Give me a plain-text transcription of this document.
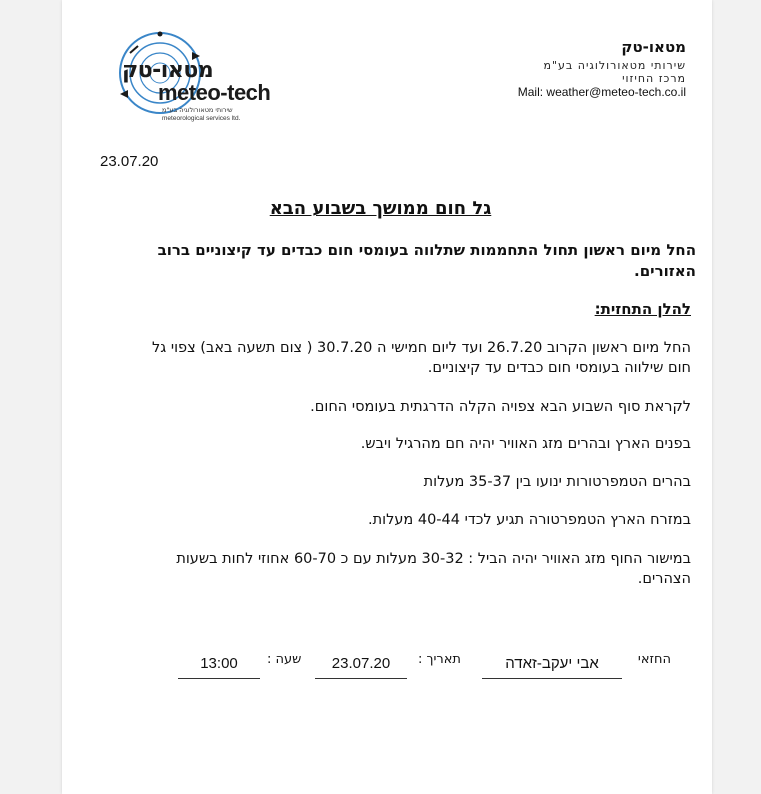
מטאו-טק
meteo-tech
שירותי מטאורולוגיה בע"מ
meteorological services ltd.
מטאו-טק
שירותי מטאורולוגיה בע"מ
מרכז החיזוי
Mail: weather@meteo-tech.co.il
23.07.20
גל חום ממושך בשבוע הבא
החל מיום ראשון תחול התחממות שתלווה בעומסי חום כבדים עד קיצוניים ברוב האזורים.
להלן התחזית:
החל מיום ראשון הקרוב 26.7.20 ועד ליום חמישי ה 30.7.20 ( צום תשעה באב) צפוי גל חום שילווה בעומסי חום כבדים עד קיצוניים.
לקראת סוף השבוע הבא צפויה הקלה הדרגתית בעומסי החום.
בפנים הארץ ובהרים מזג האוויר יהיה חם מהרגיל ויבש.
בהרים הטמפרטורות ינועו בין 35-37 מעלות
במזרח הארץ הטמפרטורה תגיע לכדי 40-44 מעלות.
במישור החוף מזג האוויר יהיה הביל : 30-32 מעלות עם כ 60-70 אחוזי לחות בשעות הצהרים.
החזאי
אבי יעקב-זאדה
תאריך :
23.07.20
שעה :
13:00
